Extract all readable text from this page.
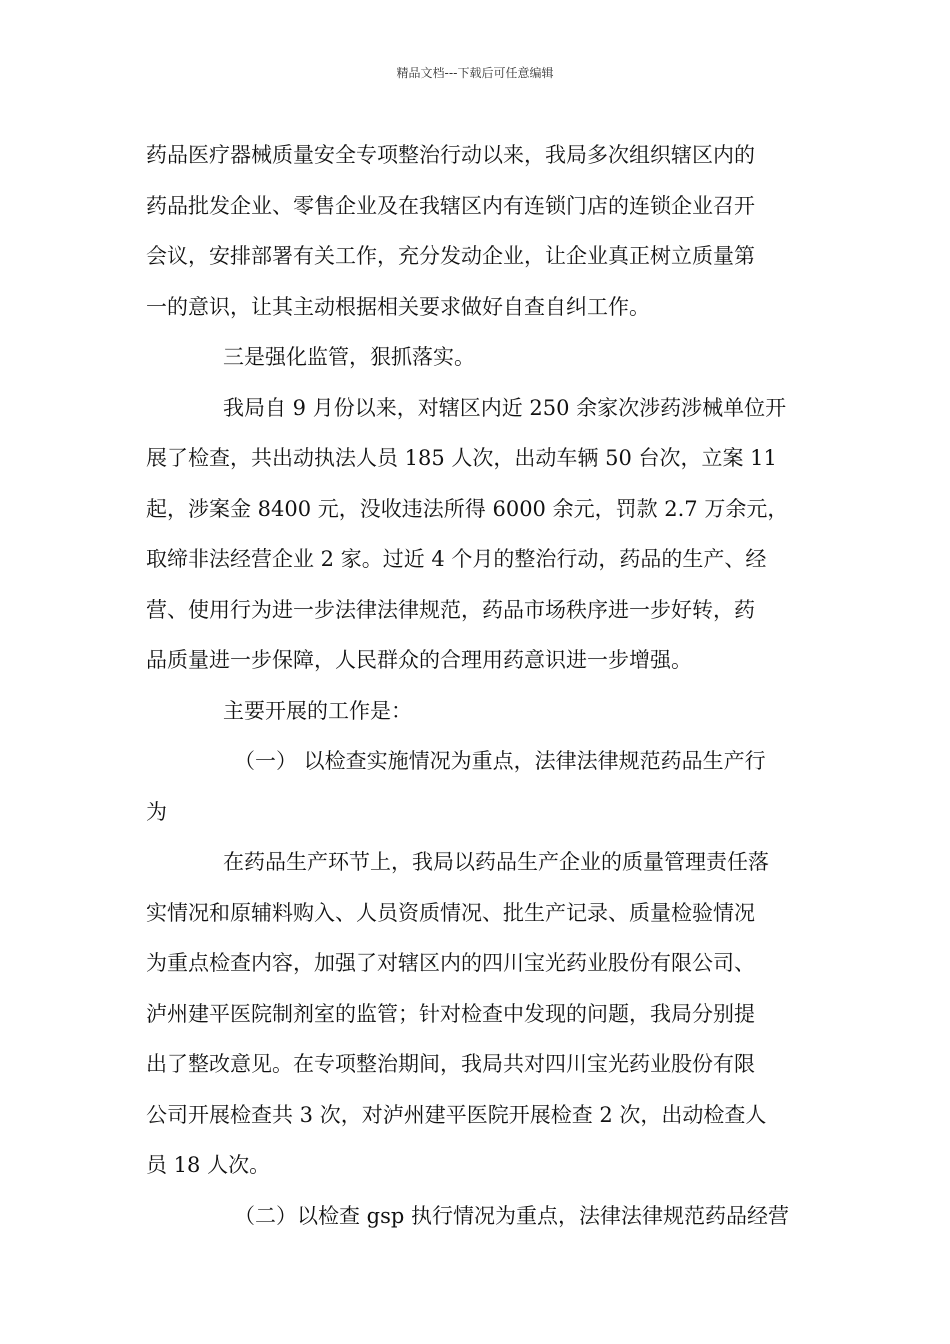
精品文档---下载后可任意编辑
药品医疗器械质量安全专项整治行动以来，我局多次组织辖区内的
药品批发企业、零售企业及在我辖区内有连锁门店的连锁企业召开
会议，安排部署有关工作，充分发动企业，让企业真正树立质量第
一的意识，让其主动根据相关要求做好自查自纠工作。
三是强化监管，狠抓落实。
我局自 9 月份以来，对辖区内近 250 余家次涉药涉械单位开
展了检查，共出动执法人员 185 人次，出动车辆 50 台次，立案 11
起，涉案金 8400 元，没收违法所得 6000 余元，罚款 2.7 万余元，
取缔非法经营企业 2 家。过近 4 个月的整治行动，药品的生产、经
营、使用行为进一步法律法律规范，药品市场秩序进一步好转，药
品质量进一步保障，人民群众的合理用药意识进一步增强。
主要开展的工作是：
（一） 以检查实施情况为重点，法律法律规范药品生产行
为
在药品生产环节上，我局以药品生产企业的质量管理责任落
实情况和原辅料购入、人员资质情况、批生产记录、质量检验情况
为重点检查内容，加强了对辖区内的四川宝光药业股份有限公司、
泸州建平医院制剂室的监管；针对检查中发现的问题，我局分别提
出了整改意见。在专项整治期间，我局共对四川宝光药业股份有限
公司开展检查共 3 次，对泸州建平医院开展检查 2 次，出动检查人
员 18 人次。
（二）以检查 gsp 执行情况为重点，法律法律规范药品经营
